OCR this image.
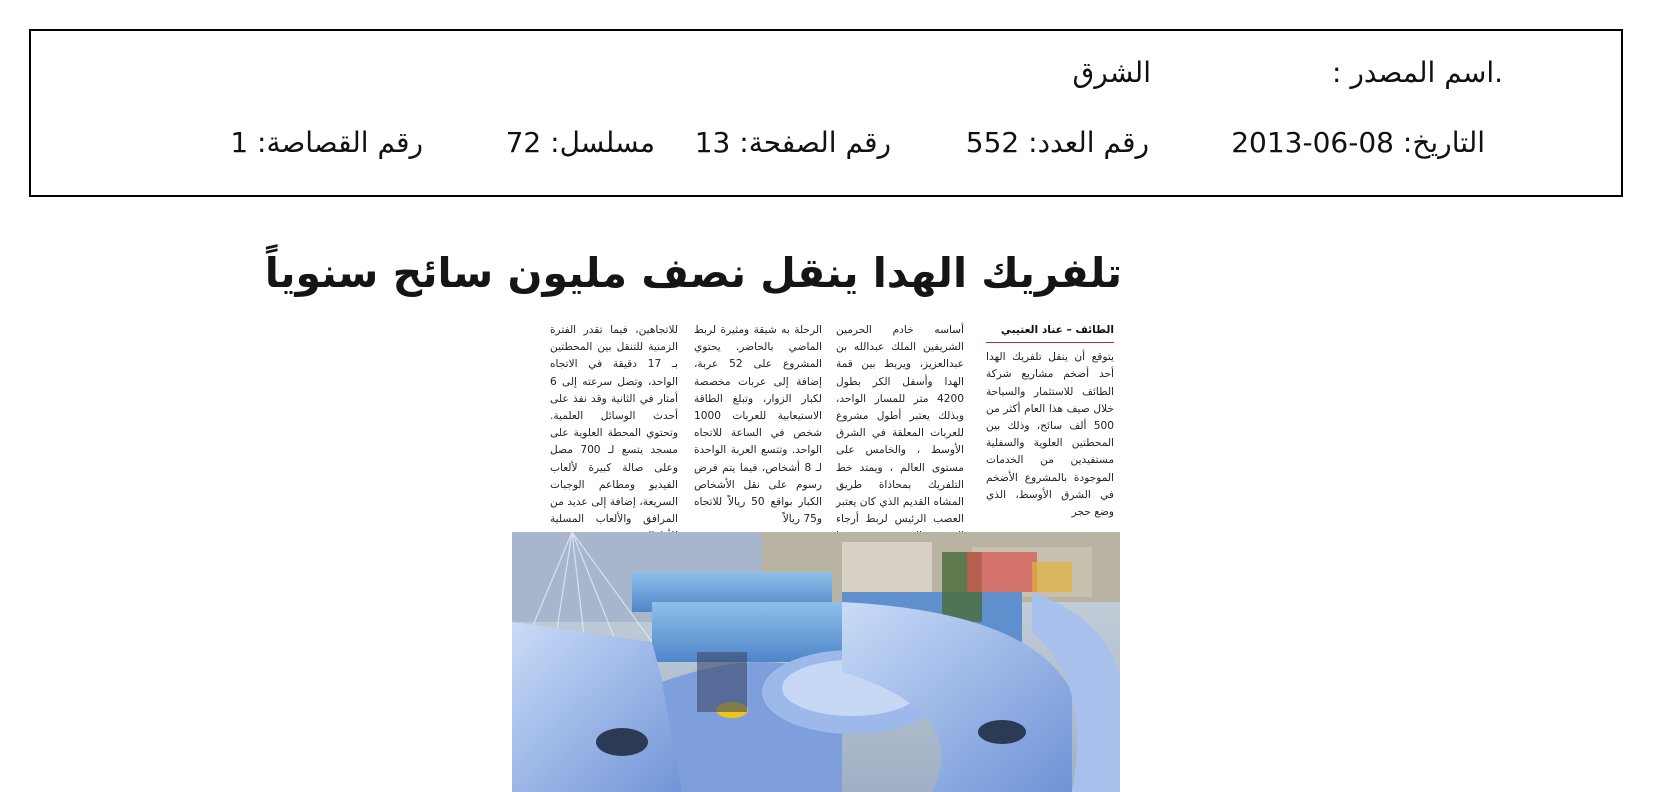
.اسم المصدر :
الشرق
التاريخ: 08-06-2013
رقم العدد: 552
رقم الصفحة: 13
مسلسل: 72
رقم القصاصة: 1
تلفريك الهدا ينقل نصف مليون سائح سنوياً
الطائف – عناد العتيبي
يتوقع أن ينقل تلفريك الهدا أحد أضخم مشاريع شركة الطائف للاستثمار والسياحة خلال صيف هذا العام أكثر من 500 ألف سائح، وذلك بين المحطتين العلوية والسفلية مستفيدين من الخدمات الموجودة بالمشروع الأضخم في الشرق الأوسط، الذي وضع حجر
أساسه خادم الحرمين الشريفين الملك عبدالله بن عبدالعزيز، ويربط بين قمة الهدا وأسفل الكر بطول 4200 متر للمسار الواحد، وبذلك يعتبر أطول مشروع للعربات المعلقة في الشرق الأوسط ، والخامس على مستوى العالم ، ويمتد خط التلفريك بمحاذاة طريق المشاه القديم الذي كان يعتبر العصب الرئيس لربط أرجاء
الرحلة به شيقة ومثيرة لربط الماضي بالحاضر. يحتوي المشروع على 52 عربة، إضافة إلى عربات مخصصة لكبار الزوار، وتبلغ الطاقة الاستيعابية للعربات 1000 شخص في الساعة للاتجاه الواحد. وتتسع العربة الواحدة لـ 8 أشخاص، فيما يتم فرض رسوم على نقل الأشخاص الكبار بواقع 50 ريالاً للاتجاه و75 ريالاً
للاتجاهين، فيما تقدر الفترة الزمنية للتنقل بين المحطتين بـ 17 دقيقة في الاتجاه الواحد، وتصل سرعته إلى 6 أمتار في الثانية وقد نفذ على أحدث الوسائل العلمية. وتحتوي المحطة العلوية على مسجد يتسع لـ 700 مصل وعلى صالة كبيرة لألعاب الفيديو ومطاعم الوجبات السريعة، إضافة إلى عديد من المرافق والألعاب المسلية
